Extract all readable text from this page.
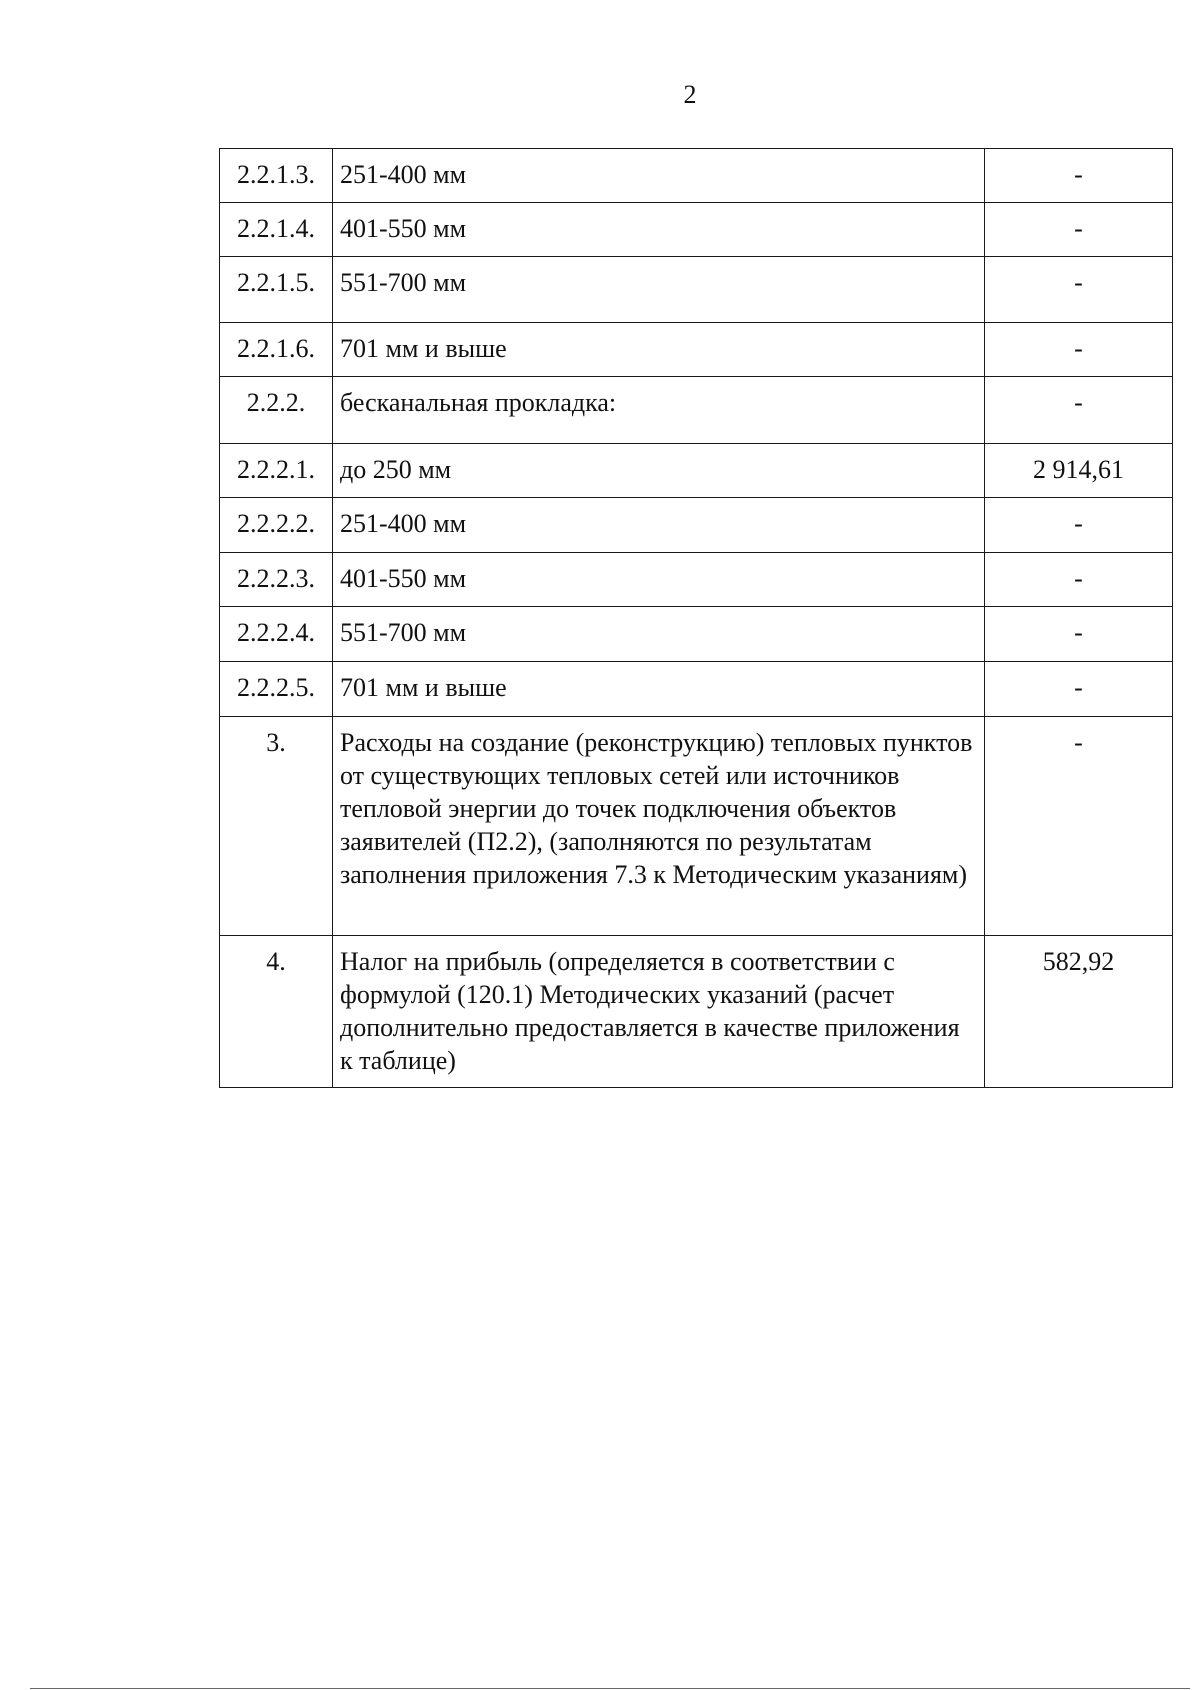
2
2.2.1.3.	251-400 мм	-
2.2.1.4.	401-550 мм	-
2.2.1.5.	551-700 мм	-
2.2.1.6.	701 мм и выше	-
2.2.2.	бесканальная прокладка:	-
2.2.2.1.	до 250 мм	2 914,61
2.2.2.2.	251-400 мм	-
2.2.2.3.	401-550 мм	-
2.2.2.4.	551-700 мм	-
2.2.2.5.	701 мм и выше	-
3.	Расходы на создание (реконструкцию) тепловых пунктов от существующих тепловых сетей или источников тепловой энергии до точек подключения объектов заявителей (П2.2), (заполняются по результатам заполнения приложения 7.3 к Методическим указаниям)	-
4.	Налог на прибыль (определяется в соответствии с формулой (120.1) Методических указаний (расчет дополнительно предоставляется в качестве приложения к таблице)	582,92
